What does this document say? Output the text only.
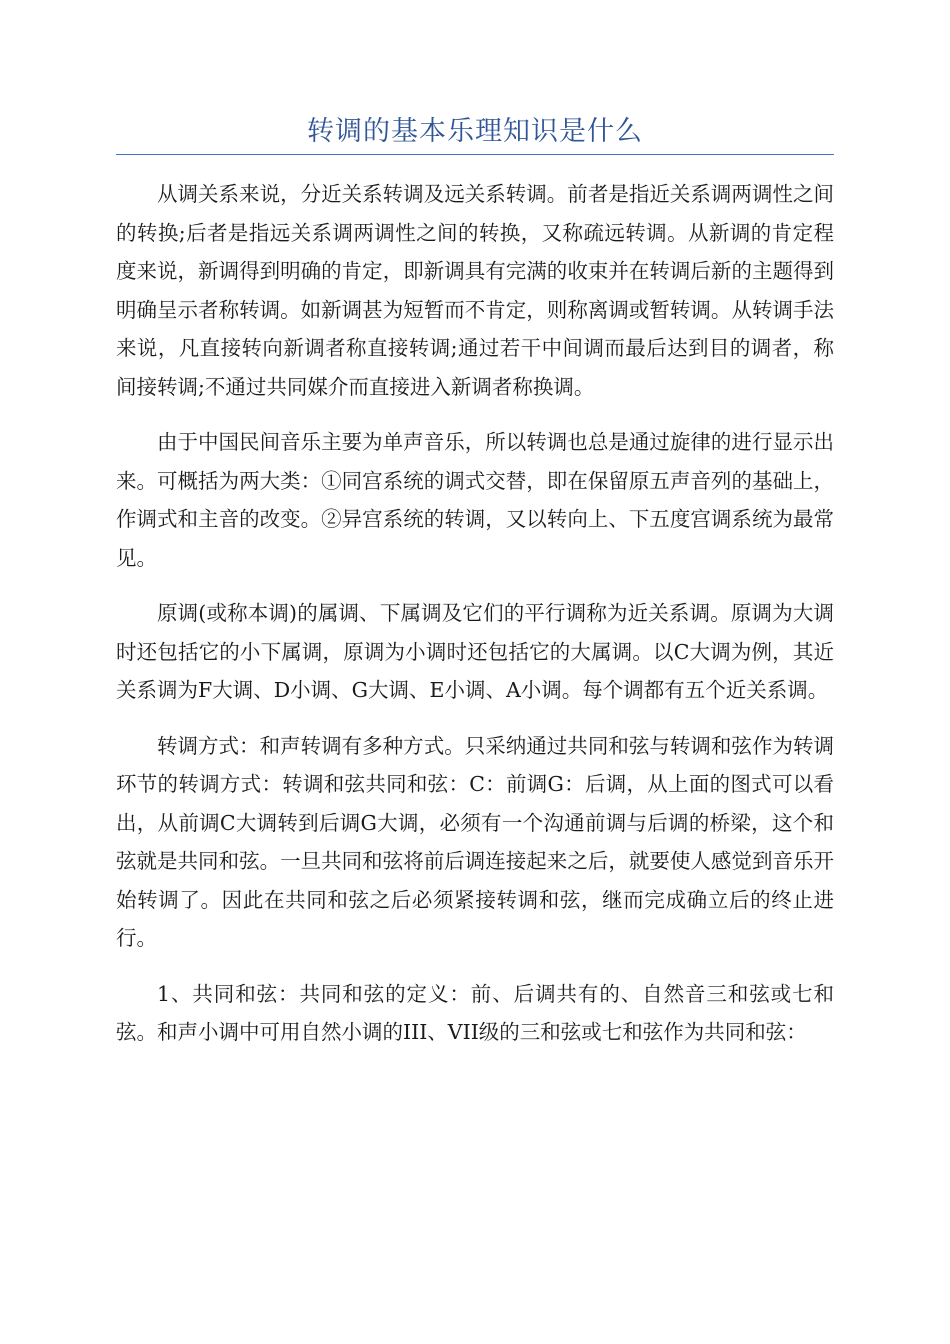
转调的基本乐理知识是什么

从调关系来说，分近关系转调及远关系转调。前者是指近关系调两调性之间的转换;后者是指远关系调两调性之间的转换，又称疏远转调。从新调的肯定程度来说，新调得到明确的肯定，即新调具有完满的收束并在转调后新的主题得到明确呈示者称转调。如新调甚为短暂而不肯定，则称离调或暂转调。从转调手法来说，凡直接转向新调者称直接转调;通过若干中间调而最后达到目的调者，称间接转调;不通过共同媒介而直接进入新调者称换调。

由于中国民间音乐主要为单声音乐，所以转调也总是通过旋律的进行显示出来。可概括为两大类：①同宫系统的调式交替，即在保留原五声音列的基础上，作调式和主音的改变。②异宫系统的转调，又以转向上、下五度宫调系统为最常见。

原调(或称本调)的属调、下属调及它们的平行调称为近关系调。原调为大调时还包括它的小下属调，原调为小调时还包括它的大属调。以C大调为例，其近关系调为F大调、D小调、G大调、E小调、A小调。每个调都有五个近关系调。

转调方式：和声转调有多种方式。只采纳通过共同和弦与转调和弦作为转调环节的转调方式：转调和弦共同和弦：C：前调G：后调，从上面的图式可以看出，从前调C大调转到后调G大调，必须有一个沟通前调与后调的桥梁，这个和弦就是共同和弦。一旦共同和弦将前后调连接起来之后，就要使人感觉到音乐开始转调了。因此在共同和弦之后必须紧接转调和弦，继而完成确立后的终止进行。

1、共同和弦：共同和弦的定义：前、后调共有的、自然音三和弦或七和弦。和声小调中可用自然小调的III、VII级的三和弦或七和弦作为共同和弦：
